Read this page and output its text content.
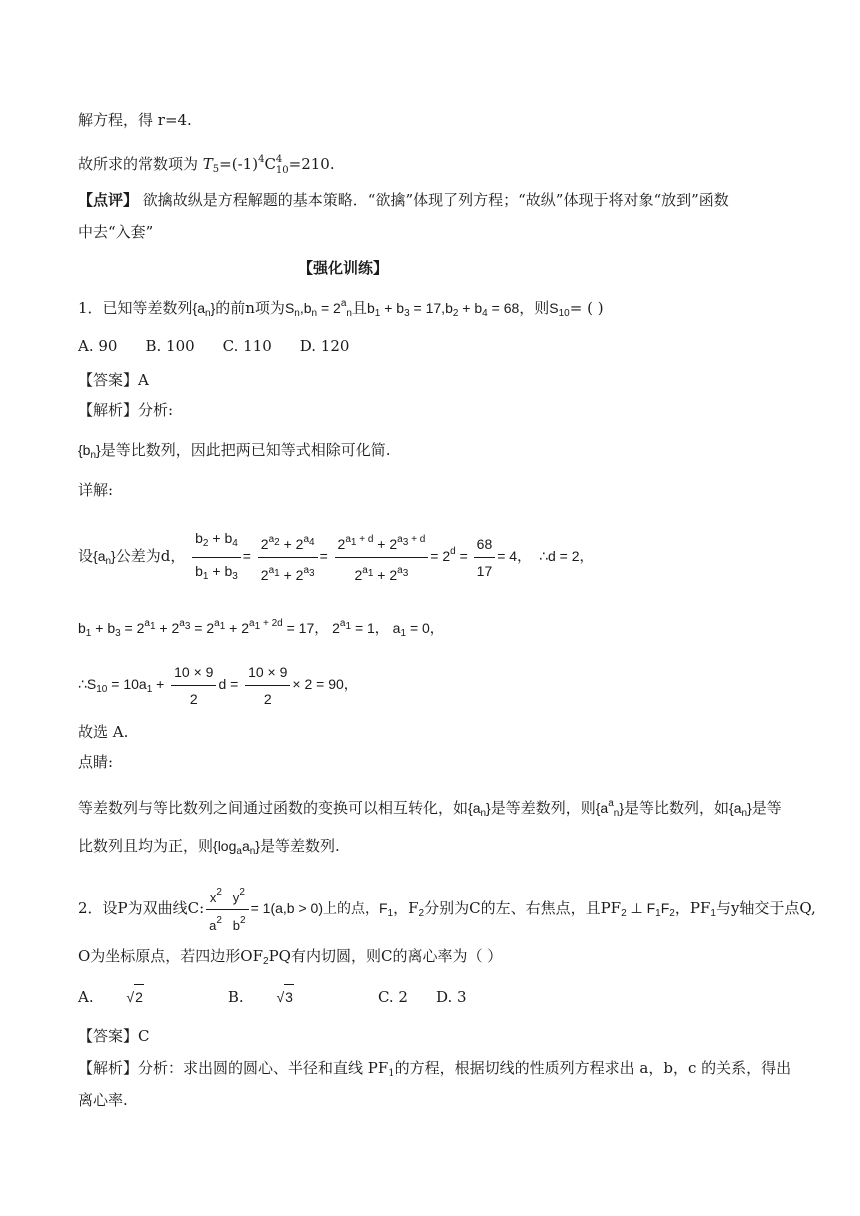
解方程，得 r=4.
故所求的常数项为 $T_5=(-1)^4C$ 4
10 =210.
【点评】 欲擒故纵是方程解题的基本策略．“欲擒”体现了列方程；“故纵”体现于将对象“放到”函数
中去“入套”
【强化训练】
1．已知等差数列$\{a_n\}$的前n项为$S_n,b_n = 2^a_n$且$b_1 + b_3 = 17,b_2 + b_4 = 68$，则$S_{10}=$ ( )
A. 90 B. 100 C. 110 D. 120
【答案】A
【解析】分析:
$\{b_n\}$是等比数列，因此把两已知等式相除可化简.
详解:
设$\{a_n\}$公差为d， $\frac{b_2 + b_4}{b_1 + b_3} = \frac{2^{a2} + 2^{a4}}{2^{a1} + 2^{a3}} = \frac{2^{a1 + d} + 2^{a3 + d}}{2^{a1} + 2^{a3}} = 2^d = \frac{68}{17} = 4$， ∴d = 2，
$b_1 + b_3 = 2^{a1} + 2^{a3} = 2^{a1} + 2^{a1 + 2d} = 17$， $2^{a1} = 1$， $a_1 = 0$，
$\therefore S_{10} = 10a_1 + \frac{10 \times 9}{2}$ $d = \frac{10 \times 9}{2} \times 2 = 90$，
故选 A.
点睛:
等差数列与等比数列之间通过函数的变换可以相互转化，如$\{a_n\}$是等差数列，则$\{a^a_n\}$是等比数列，如$\{a_n\}$是等
比数列且均为正，则$\{\log_aa_n\}$是等差数列.
2．设P为双曲线C: $\frac{x^2 y^2}{a^2 b^2} = 1(a,b > 0)$上的点，$F_1$，$F_2$分别为C的左、右焦点，且$PF_2$ ⊥ $F_1F_2$，$PF_1$与y轴交于点Q,
O为坐标原点，若四边形$OF_2PQ$有内切圆，则C的离心率为（ ）
A. √2	B. √3	C. 2 D. 3
【答案】C
【解析】分析：求出圆的圆心、半径和直线 $PF_1$的方程，根据切线的性质列方程求出 a，b，c 的关系，得出
离心率.
